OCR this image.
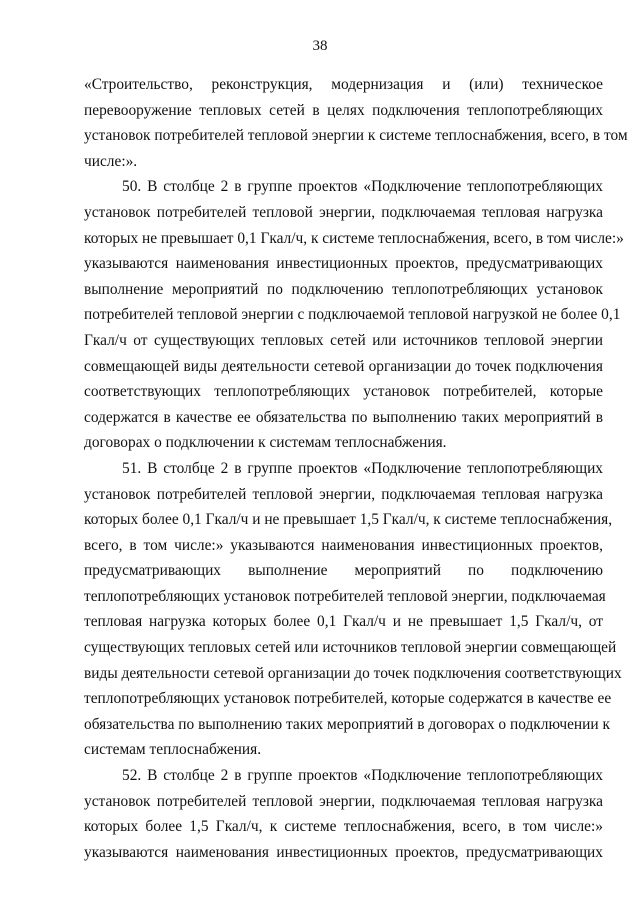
38
«Строительство, реконструкция, модернизация и (или) техническое
перевооружение тепловых сетей в целях подключения теплопотребляющих
установок потребителей тепловой энергии к системе теплоснабжения, всего, в том
числе:».
50. В столбце 2 в группе проектов «Подключение теплопотребляющих
установок потребителей тепловой энергии, подключаемая тепловая нагрузка
которых не превышает 0,1 Гкал/ч, к системе теплоснабжения, всего, в том числе:»
указываются наименования инвестиционных проектов, предусматривающих
выполнение мероприятий по подключению теплопотребляющих установок
потребителей тепловой энергии с подключаемой тепловой нагрузкой не более 0,1
Гкал/ч от существующих тепловых сетей или источников тепловой энергии
совмещающей виды деятельности сетевой организации до точек подключения
соответствующих теплопотребляющих установок потребителей, которые
содержатся в качестве ее обязательства по выполнению таких мероприятий в
договорах о подключении к системам теплоснабжения.
51. В столбце 2 в группе проектов «Подключение теплопотребляющих
установок потребителей тепловой энергии, подключаемая тепловая нагрузка
которых более 0,1 Гкал/ч и не превышает 1,5 Гкал/ч, к системе теплоснабжения,
всего, в том числе:» указываются наименования инвестиционных проектов,
предусматривающих выполнение мероприятий по подключению
теплопотребляющих установок потребителей тепловой энергии, подключаемая
тепловая нагрузка которых более 0,1 Гкал/ч и не превышает 1,5 Гкал/ч, от
существующих тепловых сетей или источников тепловой энергии совмещающей
виды деятельности сетевой организации до точек подключения соответствующих
теплопотребляющих установок потребителей, которые содержатся в качестве ее
обязательства по выполнению таких мероприятий в договорах о подключении к
системам теплоснабжения.
52. В столбце 2 в группе проектов «Подключение теплопотребляющих
установок потребителей тепловой энергии, подключаемая тепловая нагрузка
которых более 1,5 Гкал/ч, к системе теплоснабжения, всего, в том числе:»
указываются наименования инвестиционных проектов, предусматривающих
